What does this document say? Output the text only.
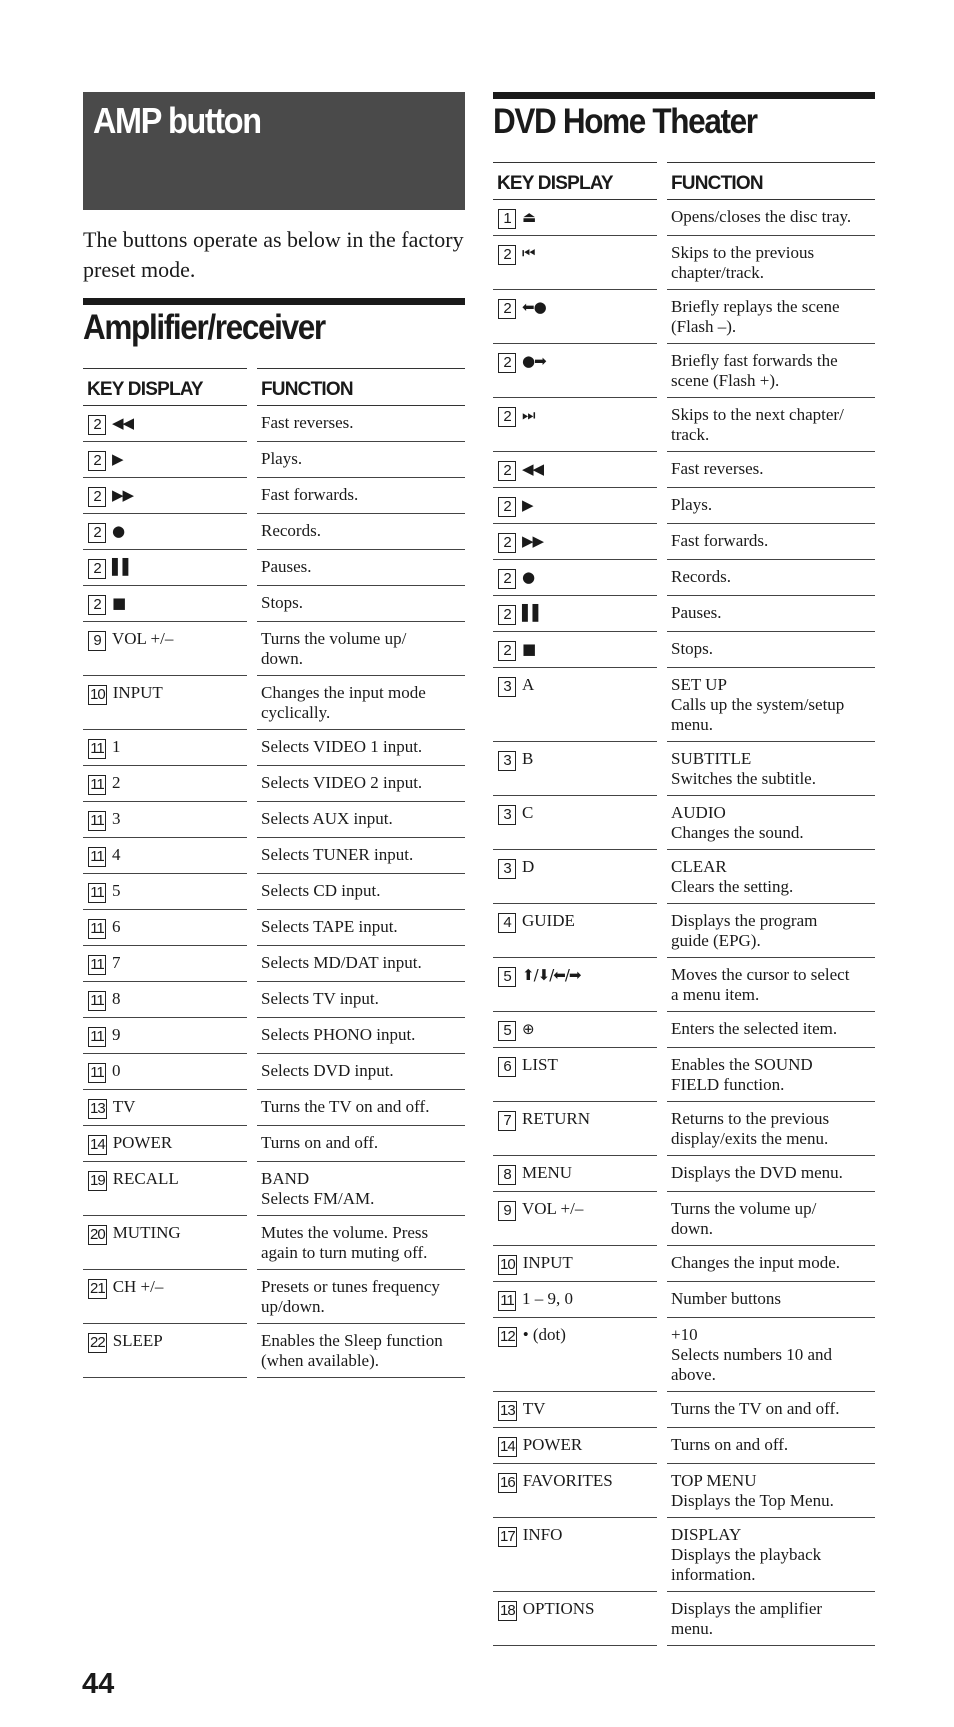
AMP button
The buttons operate as below in the factory preset mode.
Amplifier/receiver
KEY DISPLAY		FUNCTION
2 ◀◀		Fast reverses.

2 ▶		Plays.

2 ▶▶		Fast forwards.

2 ●		Records.

2 ▌▌		Pauses.

2 ■		Stops.

9 VOL +/–		Turns the volume up/
down.

10 INPUT		Changes the input mode
cyclically.

11 1		Selects VIDEO 1 input.

11 2		Selects VIDEO 2 input.

11 3		Selects AUX input.

11 4		Selects TUNER input.

11 5		Selects CD input.

11 6		Selects TAPE input.

11 7		Selects MD/DAT input.

11 8		Selects TV input.

11 9		Selects PHONO input.

11 0		Selects DVD input.

13 TV		Turns the TV on and off.

14 POWER		Turns on and off.

19 RECALL		BAND
Selects FM/AM.

20 MUTING		Mutes the volume. Press
again to turn muting off.

21 CH +/–		Presets or tunes frequency
up/down.

22 SLEEP		Enables the Sleep function
(when available).
DVD Home Theater
KEY DISPLAY		FUNCTION
1 ⏏		Opens/closes the disc tray.

2 ⏮		Skips to the previous
chapter/track.

2 ⬅●		Briefly replays the scene
(Flash –).

2 ●➡		Briefly fast forwards the
scene (Flash +).

2 ⏭		Skips to the next chapter/
track.

2 ◀◀		Fast reverses.

2 ▶		Plays.

2 ▶▶		Fast forwards.

2 ●		Records.

2 ▌▌		Pauses.

2 ■		Stops.

3 A		SET UP
Calls up the system/setup
menu.

3 B		SUBTITLE
Switches the subtitle.

3 C		AUDIO
Changes the sound.

3 D		CLEAR
Clears the setting.

4 GUIDE		Displays the program
guide (EPG).

5 ⬆/⬇/⬅/➡		Moves the cursor to select
a menu item.

5 ⊕		Enters the selected item.

6 LIST		Enables the SOUND
FIELD function.

7 RETURN		Returns to the previous
display/exits the menu.

8 MENU		Displays the DVD menu.

9 VOL +/–		Turns the volume up/
down.

10 INPUT		Changes the input mode.

11 1 – 9, 0		Number buttons

12 • (dot)		+10
Selects numbers 10 and
above.

13 TV		Turns the TV on and off.

14 POWER		Turns on and off.

16 FAVORITES		TOP MENU
Displays the Top Menu.

17 INFO		DISPLAY
Displays the playback
information.

18 OPTIONS		Displays the amplifier
menu.
44
